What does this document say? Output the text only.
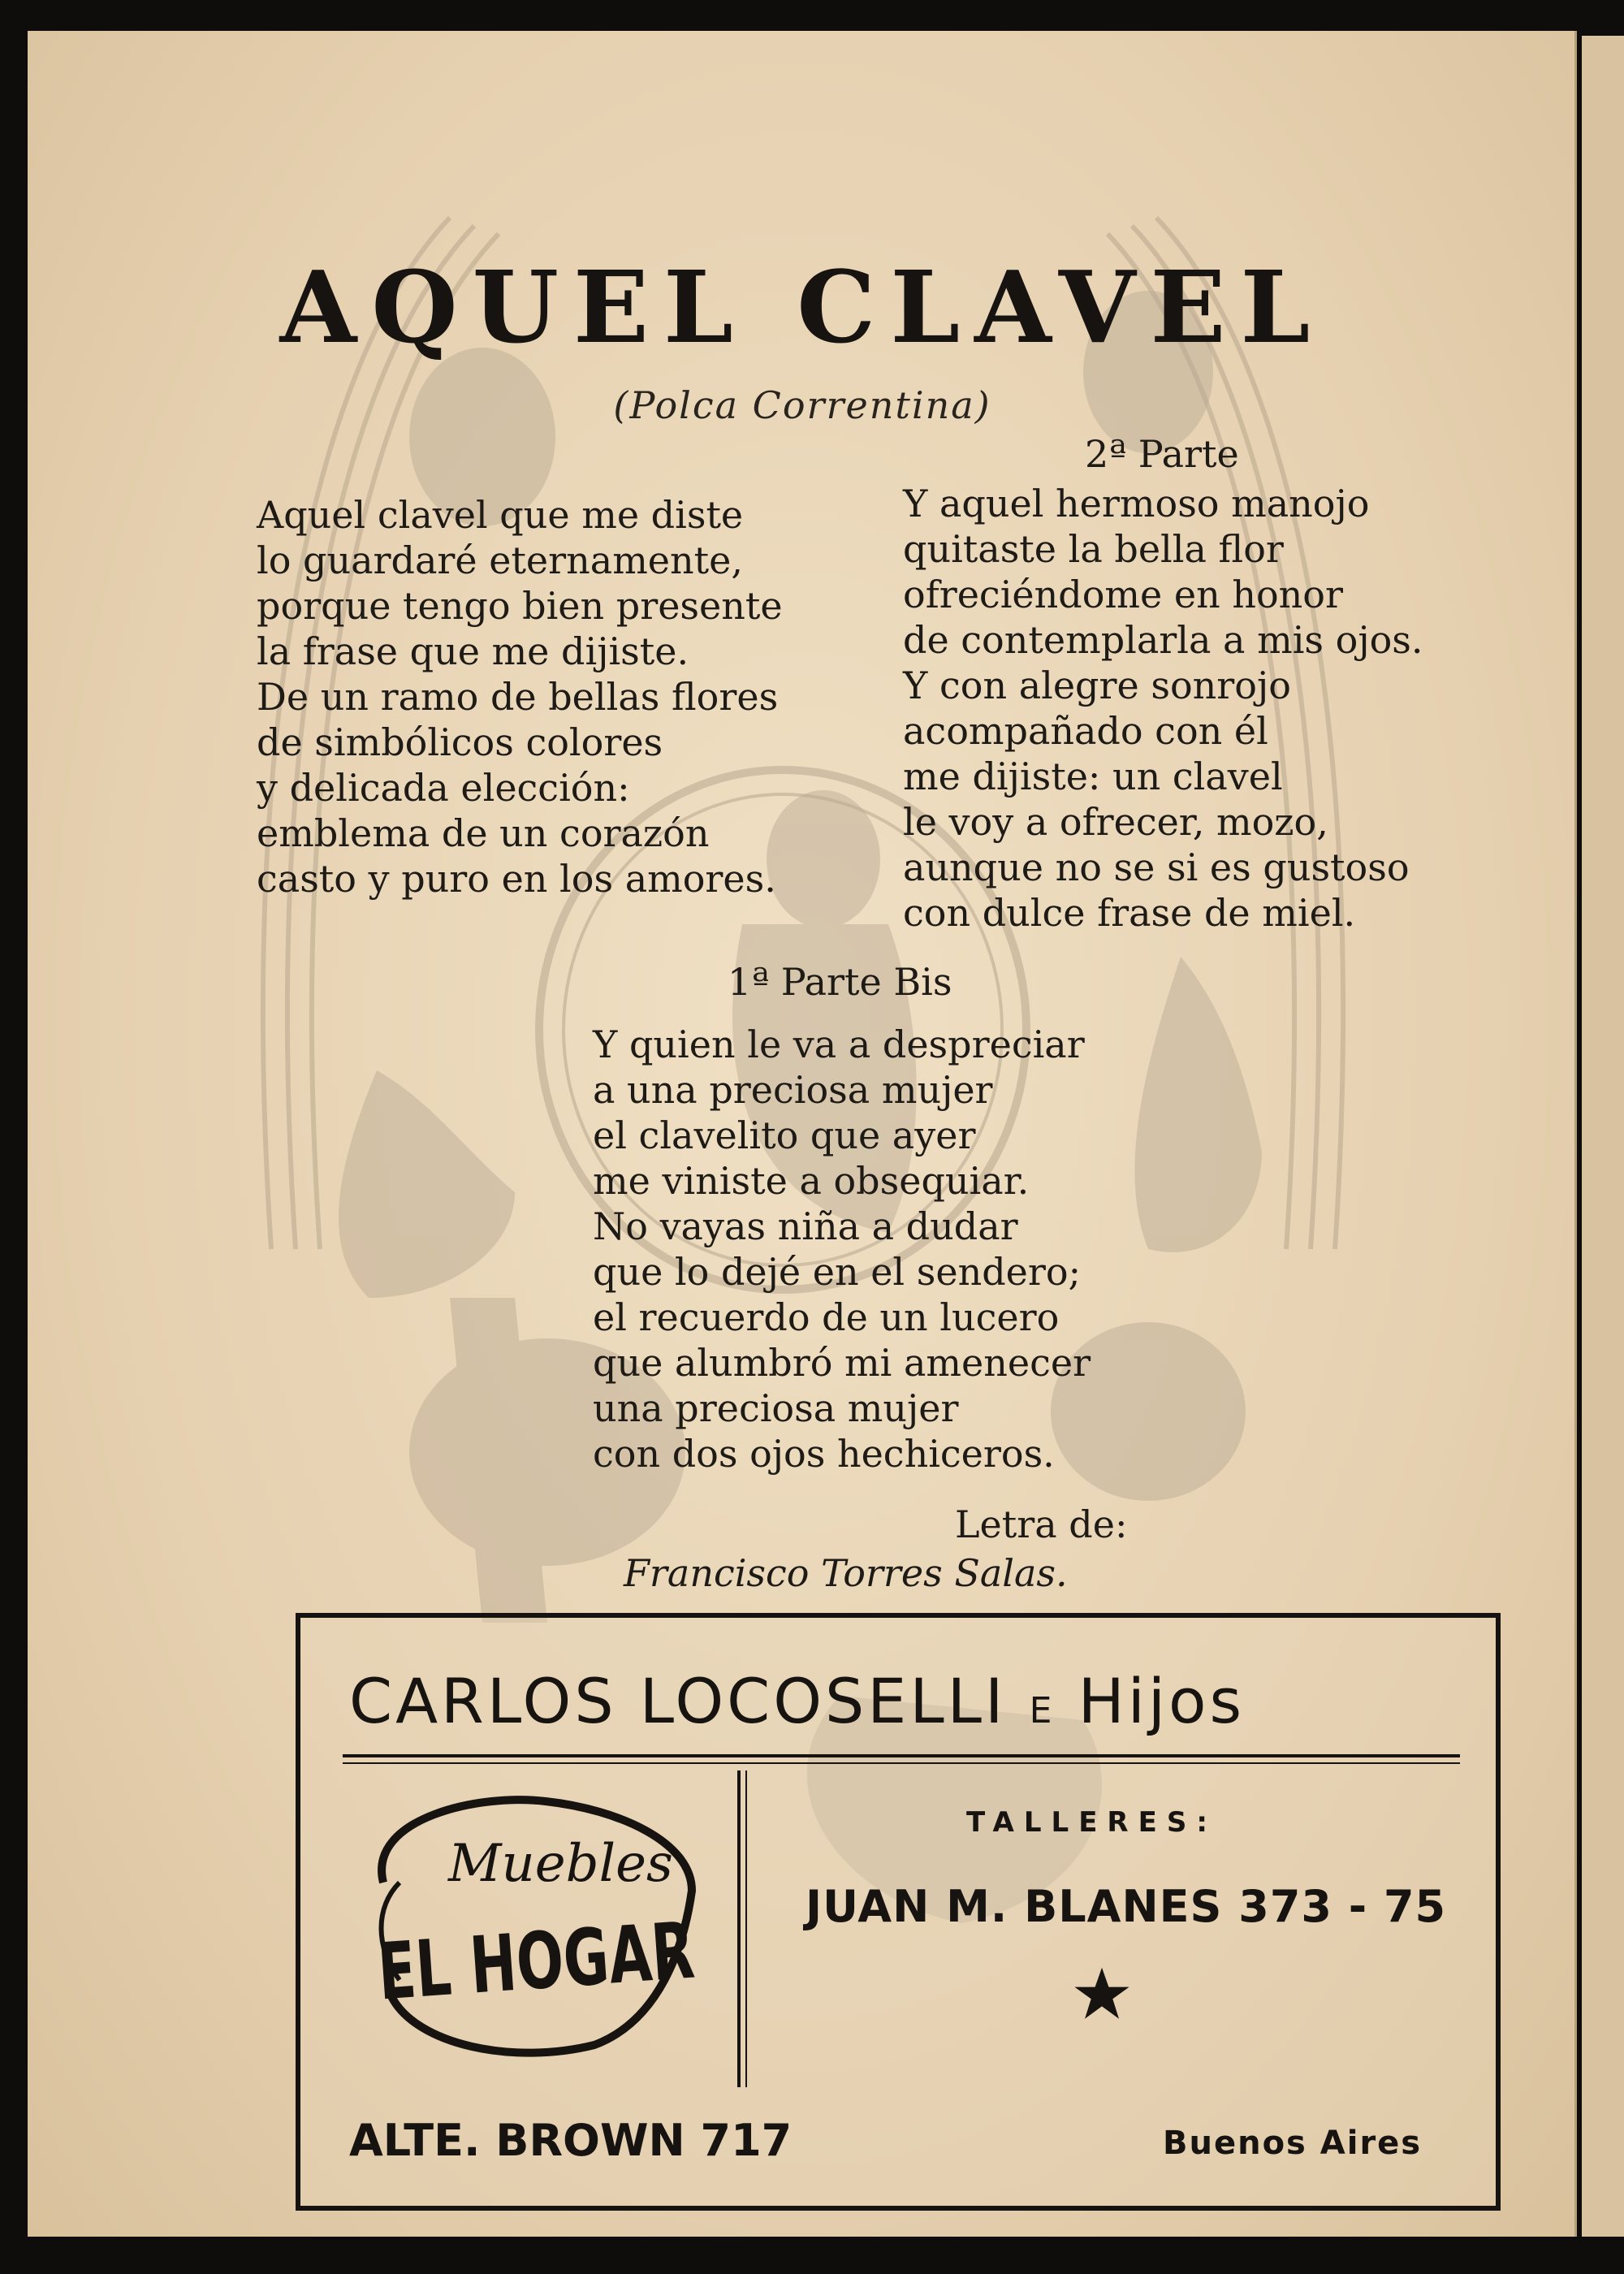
AQUEL CLAVEL
(Polca Correntina)
Aquel clavel que me diste
lo guardaré eternamente,
porque tengo bien presente
la frase que me dijiste.
De un ramo de bellas flores
de simbólicos colores
y delicada elección:
emblema de un corazón
casto y puro en los amores.
2ª Parte
Y aquel hermoso manojo
quitaste la bella flor
ofreciéndome en honor
de contemplarla a mis ojos.
Y con alegre sonrojo
acompañado con él
me dijiste: un clavel
le voy a ofrecer, mozo,
aunque no se si es gustoso
con dulce frase de miel.
1ª Parte Bis
Y quien le va a despreciar
a una preciosa mujer
el clavelito que ayer
me viniste a obsequiar.
No vayas niña a dudar
que lo dejé en el sendero;
el recuerdo de un lucero
que alumbró mi amenecer
una preciosa mujer
con dos ojos hechiceros.
Letra de:
Francisco Torres Salas.
CARLOS LOCOSELLI E Hijos
Muebles
EL HOGAR
TALLERES:
JUAN M. BLANES 373 - 75
ALTE. BROWN 717	Buenos Aires
